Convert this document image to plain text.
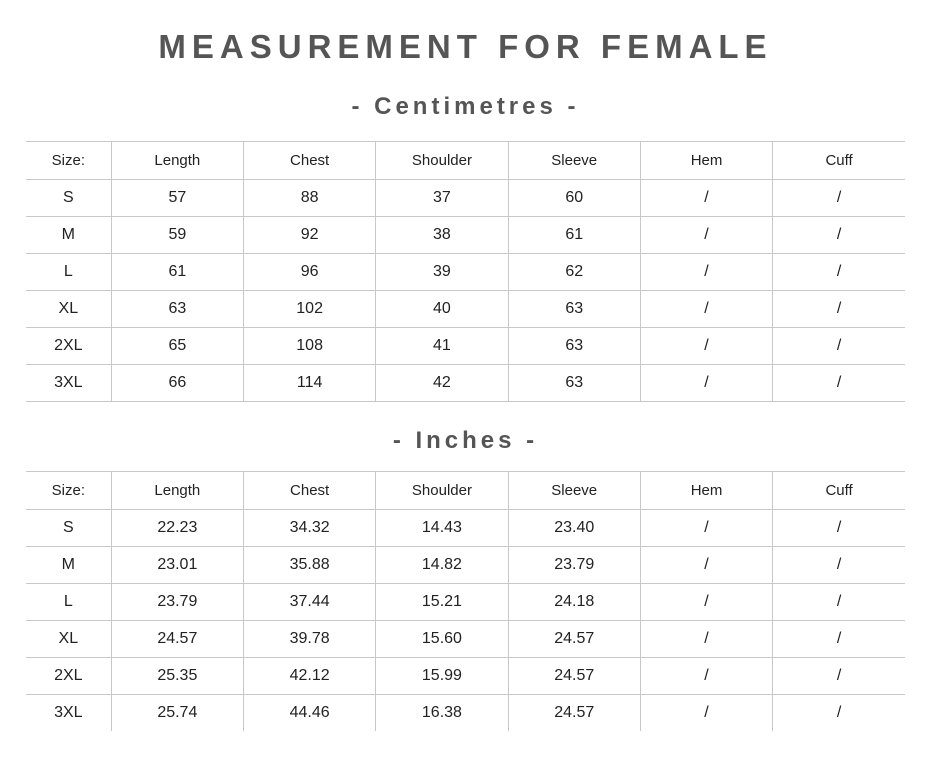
MEASUREMENT FOR FEMALE
- Centimetres -
Size:	Length	Chest	Shoulder	Sleeve	Hem	Cuff
S	57	88	37	60	/	/
M	59	92	38	61	/	/
L	61	96	39	62	/	/
XL	63	102	40	63	/	/
2XL	65	108	41	63	/	/
3XL	66	114	42	63	/	/
- Inches -
Size:	Length	Chest	Shoulder	Sleeve	Hem	Cuff
S	22.23	34.32	14.43	23.40	/	/
M	23.01	35.88	14.82	23.79	/	/
L	23.79	37.44	15.21	24.18	/	/
XL	24.57	39.78	15.60	24.57	/	/
2XL	25.35	42.12	15.99	24.57	/	/
3XL	25.74	44.46	16.38	24.57	/	/
